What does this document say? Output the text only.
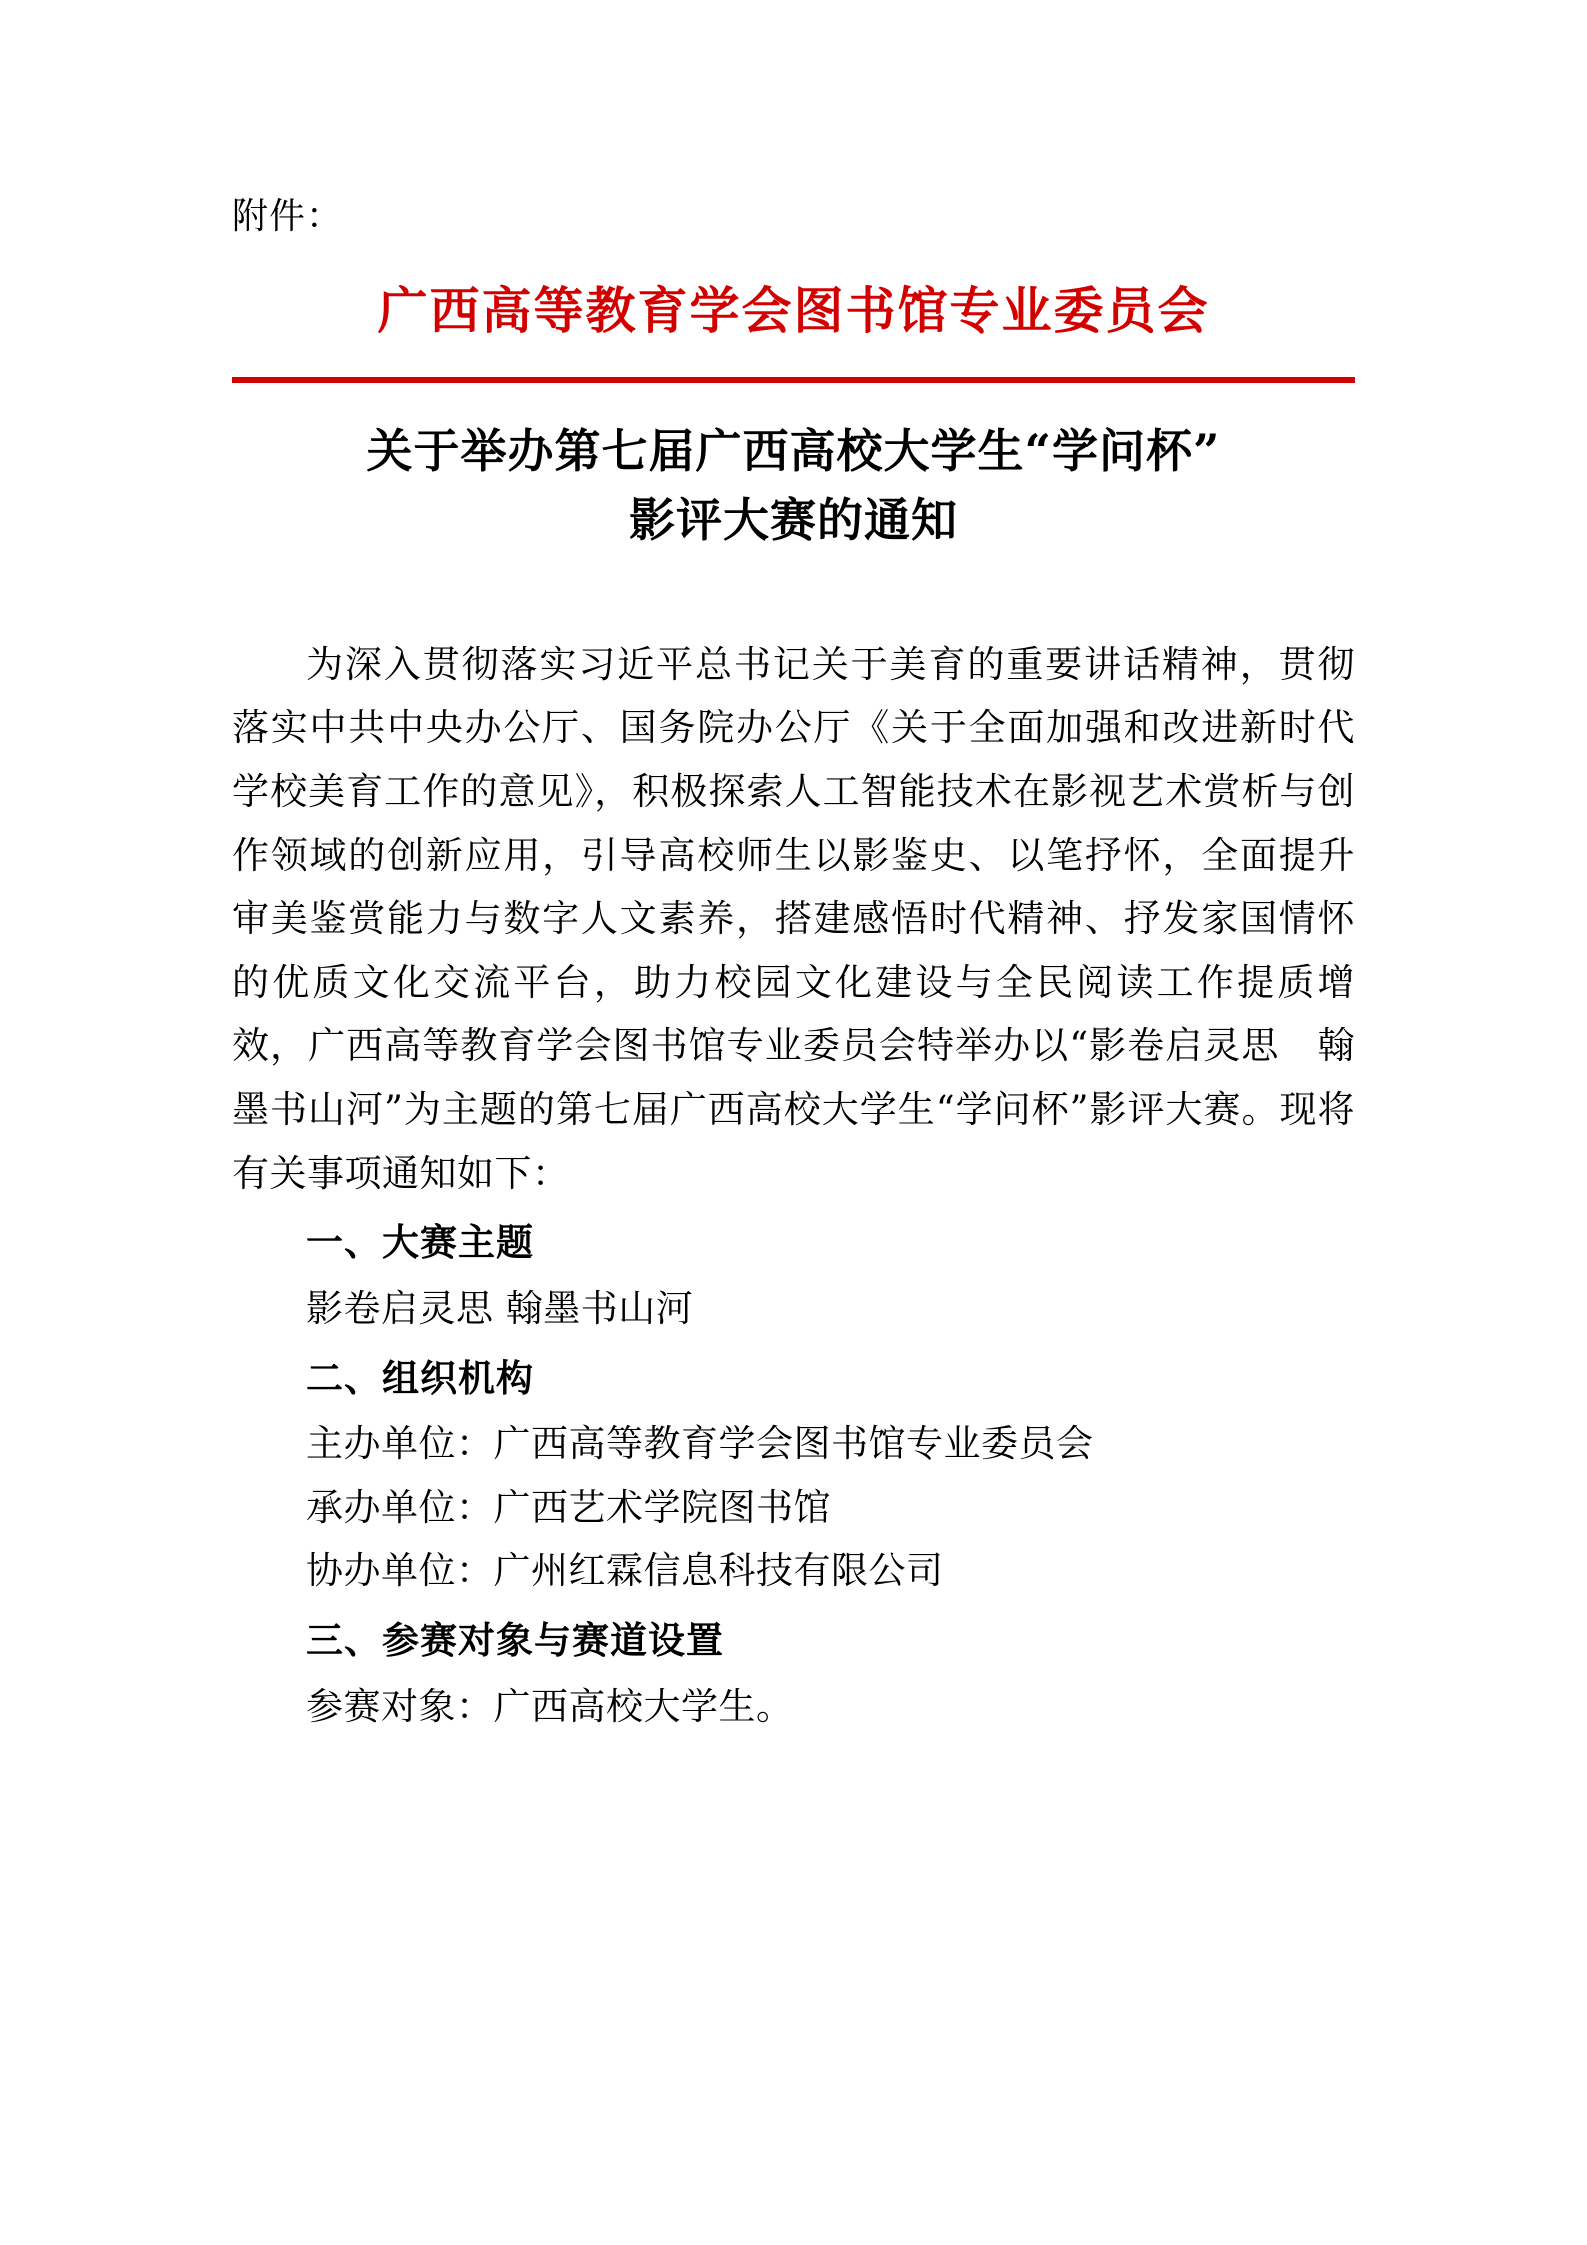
附件：
广西高等教育学会图书馆专业委员会
关于举办第七届广西高校大学生“学问杯”
影评大赛的通知

为深入贯彻落实习近平总书记关于美育的重要讲话精神，贯彻落实中共中央办公厅、国务院办公厅《关于全面加强和改进新时代学校美育工作的意见》，积极探索人工智能技术在影视艺术赏析与创作领域的创新应用，引导高校师生以影鉴史、以笔抒怀，全面提升审美鉴赏能力与数字人文素养，搭建感悟时代精神、抒发家国情怀的优质文化交流平台，助力校园文化建设与全民阅读工作提质增效，广西高等教育学会图书馆专业委员会特举办以“影卷启灵思　翰墨书山河”为主题的第七届广西高校大学生“学问杯”影评大赛。现将有关事项通知如下：

一、大赛主题

影卷启灵思 翰墨书山河

二、组织机构

主办单位：广西高等教育学会图书馆专业委员会

承办单位：广西艺术学院图书馆

协办单位：广州红霖信息科技有限公司

三、参赛对象与赛道设置

参赛对象：广西高校大学生。
